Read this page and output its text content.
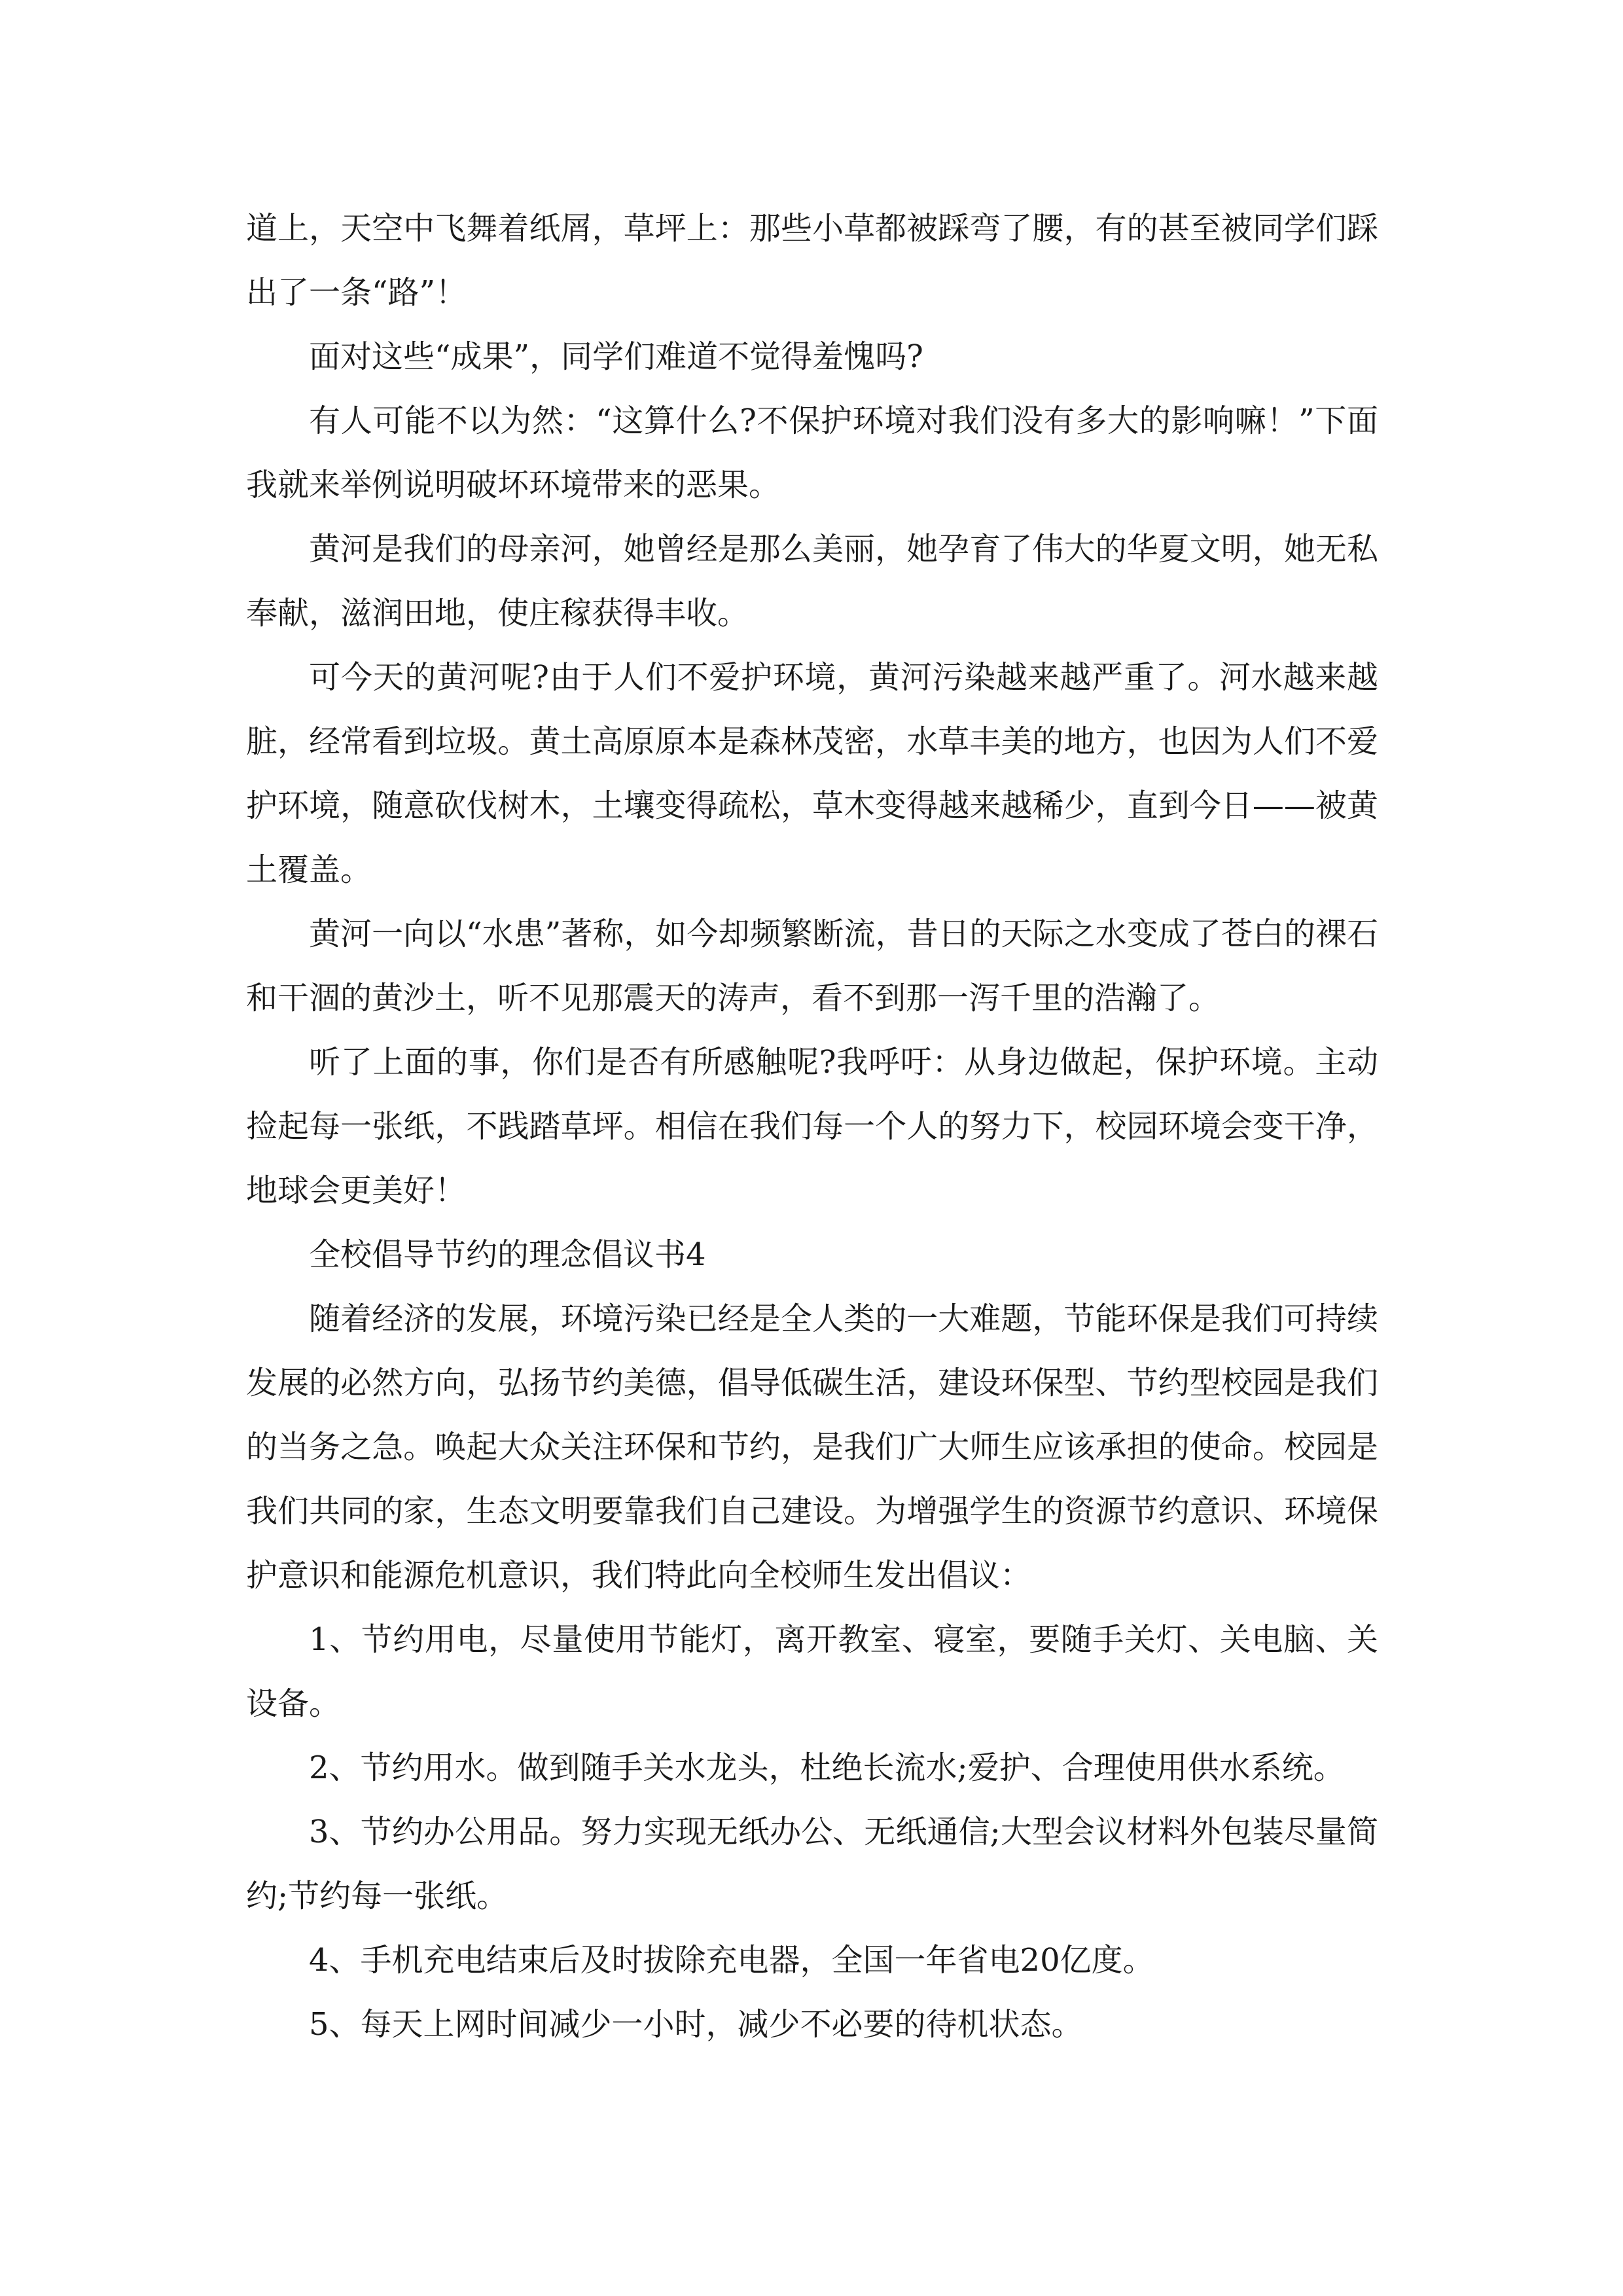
道上，天空中飞舞着纸屑，草坪上：那些小草都被踩弯了腰，有的甚至被同学们踩出了一条“路”！

面对这些“成果”，同学们难道不觉得羞愧吗?

有人可能不以为然：“这算什么?不保护环境对我们没有多大的影响嘛！”下面我就来举例说明破坏环境带来的恶果。

黄河是我们的母亲河，她曾经是那么美丽，她孕育了伟大的华夏文明，她无私奉献，滋润田地，使庄稼获得丰收。

可今天的黄河呢?由于人们不爱护环境，黄河污染越来越严重了。河水越来越脏，经常看到垃圾。黄土高原原本是森林茂密，水草丰美的地方，也因为人们不爱护环境，随意砍伐树木，土壤变得疏松，草木变得越来越稀少，直到今日——被黄土覆盖。

黄河一向以“水患”著称，如今却频繁断流，昔日的天际之水变成了苍白的裸石和干涸的黄沙土，听不见那震天的涛声，看不到那一泻千里的浩瀚了。

听了上面的事，你们是否有所感触呢?我呼吁：从身边做起，保护环境。主动捡起每一张纸，不践踏草坪。相信在我们每一个人的努力下，校园环境会变干净，地球会更美好！

全校倡导节约的理念倡议书4

随着经济的发展，环境污染已经是全人类的一大难题，节能环保是我们可持续发展的必然方向，弘扬节约美德，倡导低碳生活，建设环保型、节约型校园是我们的当务之急。唤起大众关注环保和节约，是我们广大师生应该承担的使命。校园是我们共同的家，生态文明要靠我们自己建设。为增强学生的资源节约意识、环境保护意识和能源危机意识，我们特此向全校师生发出倡议：

1、节约用电，尽量使用节能灯，离开教室、寝室，要随手关灯、关电脑、关设备。

2、节约用水。做到随手关水龙头，杜绝长流水;爱护、合理使用供水系统。

3、节约办公用品。努力实现无纸办公、无纸通信;大型会议材料外包装尽量简约;节约每一张纸。

4、手机充电结束后及时拔除充电器，全国一年省电20亿度。

5、每天上网时间减少一小时，减少不必要的待机状态。
